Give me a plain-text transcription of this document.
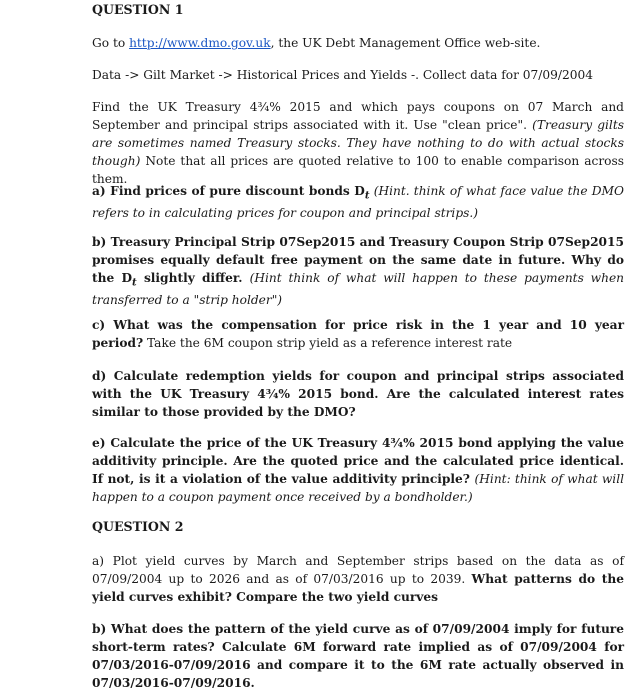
QUESTION 1

Go to http://www.dmo.gov.uk, the UK Debt Management Office web-site.

Data -> Gilt Market -> Historical Prices and Yields -. Collect data for 07/09/2004

Find the UK Treasury 4¾% 2015 and which pays coupons on 07 March and September and principal strips associated with it. Use "clean price". (Treasury gilts are sometimes named Treasury stocks. They have nothing to do with actual stocks though) Note that all prices are quoted relative to 100 to enable comparison across them.

a) Find prices of pure discount bonds $D_t$ (Hint. think of what face value the DMO refers to in calculating prices for coupon and principal strips.)

b) Treasury Principal Strip 07Sep2015 and Treasury Coupon Strip 07Sep2015 promises equally default free payment on the same date in future. Why do the $D_t$ slightly differ. (Hint think of what will happen to these payments when transferred to a "strip holder")

c) What was the compensation for price risk in the 1 year and 10 year period? Take the 6M coupon strip yield as a reference interest rate

d) Calculate redemption yields for coupon and principal strips associated with the UK Treasury 4¾% 2015 bond. Are the calculated interest rates similar to those provided by the DMO?

e) Calculate the price of the UK Treasury 4¾% 2015 bond applying the value additivity principle. Are the quoted price and the calculated price identical. If not, is it a violation of the value additivity principle? (Hint: think of what will happen to a coupon payment once received by a bondholder.)

QUESTION 2

a) Plot yield curves by March and September strips based on the data as of 07/09/2004 up to 2026 and as of 07/03/2016 up to 2039. What patterns do the yield curves exhibit? Compare the two yield curves

b) What does the pattern of the yield curve as of 07/09/2004 imply for future short-term rates? Calculate 6M forward rate implied as of 07/09/2004 for 07/03/2016-07/09/2016 and compare it to the 6M rate actually observed in 07/03/2016-07/09/2016.
